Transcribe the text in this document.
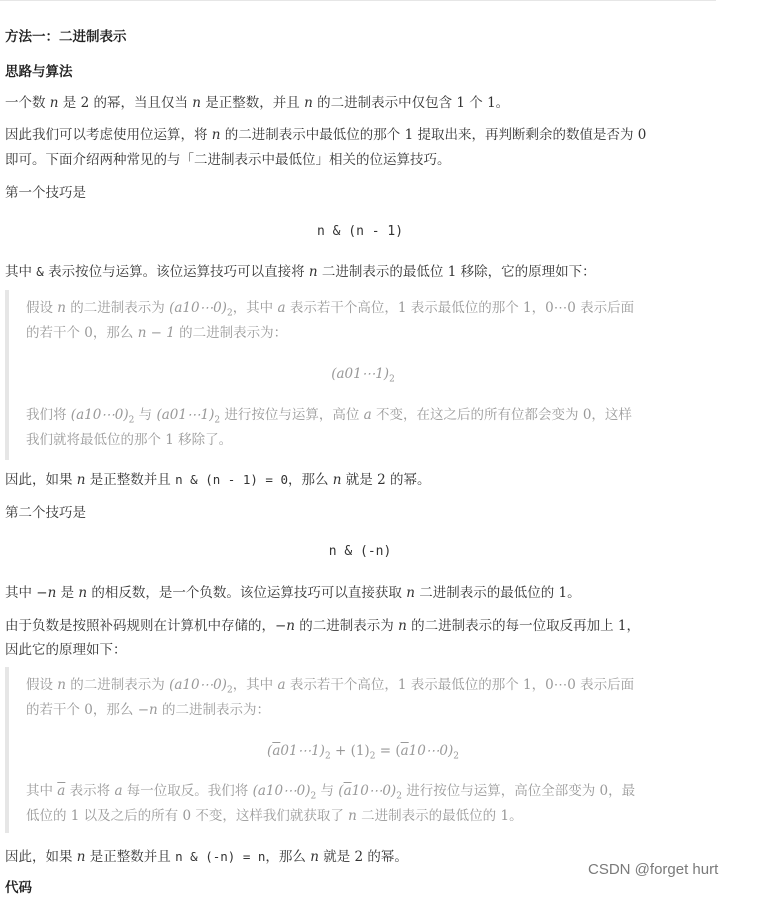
方法一：二进制表示
思路与算法
一个数 n 是 2 的幂，当且仅当 n 是正整数，并且 n 的二进制表示中仅包含 1 个 1。
因此我们可以考虑使用位运算，将 n 的二进制表示中最低位的那个 1 提取出来，再判断剩余的数值是否为 0
即可。下面介绍两种常见的与「二进制表示中最低位」相关的位运算技巧。
第一个技巧是
n & (n - 1)
其中 & 表示按位与运算。该位运算技巧可以直接将 n 二进制表示的最低位 1 移除，它的原理如下：
假设 n 的二进制表示为 $(a10\cdots 0)_2$，其中 a 表示若干个高位，1 表示最低位的那个 1，0⋯0 表示后面
的若干个 0，那么 n − 1 的二进制表示为：
$(a01\cdots 1)_2$
我们将 $(a10\cdots 0)_2$ 与 $(a01\cdots 1)_2$ 进行按位与运算，高位 a 不变，在这之后的所有位都会变为 0，这样
我们就将最低位的那个 1 移除了。
因此，如果 n 是正整数并且 n & (n - 1) = 0，那么 n 就是 2 的幂。
第二个技巧是
n & (-n)
其中 −n 是 n 的相反数，是一个负数。该位运算技巧可以直接获取 n 二进制表示的最低位的 1。
由于负数是按照补码规则在计算机中存储的，−n 的二进制表示为 n 的二进制表示的每一位取反再加上 1，
因此它的原理如下：
假设 n 的二进制表示为 $(a10\cdots 0)_2$，其中 a 表示若干个高位，1 表示最低位的那个 1，0⋯0 表示后面
的若干个 0，那么 −n 的二进制表示为：
$(\overline{a}01\cdots 1)_2 + (1)_2$ = $(\overline{a}10\cdots 0)_2$
其中 $\overline{a}$ 表示将 a 每一位取反。我们将 $(a10\cdots 0)_2$ 与 $(\overline{a}10\cdots 0)_2$ 进行按位与运算，高位全部变为 0，最
低位的 1 以及之后的所有 0 不变，这样我们就获取了 n 二进制表示的最低位的 1。
因此，如果 n 是正整数并且 n & (-n) = n，那么 n 就是 2 的幂。
代码
CSDN @forget hurt
